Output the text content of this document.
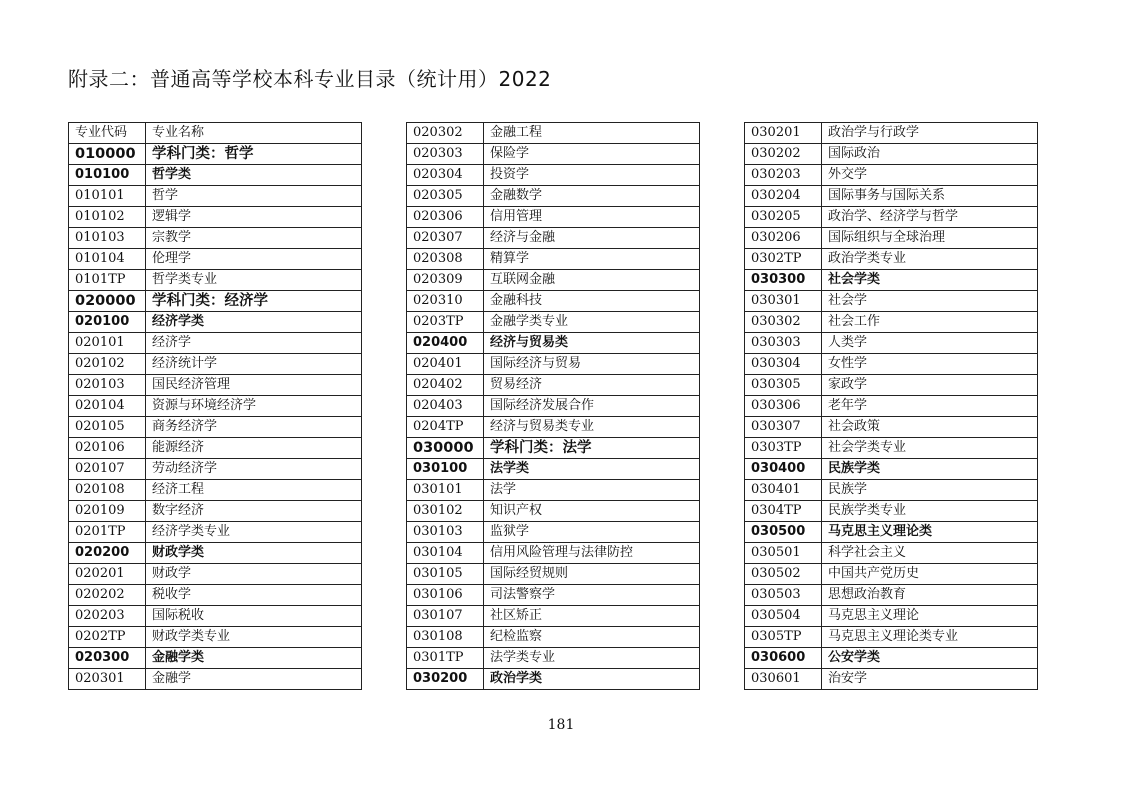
附录二：普通高等学校本科专业目录（统计用）2022
专业代码	专业名称
010000	学科门类：哲学
010100	哲学类
010101	哲学
010102	逻辑学
010103	宗教学
010104	伦理学
0101TP	哲学类专业
020000	学科门类：经济学
020100	经济学类
020101	经济学
020102	经济统计学
020103	国民经济管理
020104	资源与环境经济学
020105	商务经济学
020106	能源经济
020107	劳动经济学
020108	经济工程
020109	数字经济
0201TP	经济学类专业
020200	财政学类
020201	财政学
020202	税收学
020203	国际税收
0202TP	财政学类专业
020300	金融学类
020301	金融学
020302	金融工程
020303	保险学
020304	投资学
020305	金融数学
020306	信用管理
020307	经济与金融
020308	精算学
020309	互联网金融
020310	金融科技
0203TP	金融学类专业
020400	经济与贸易类
020401	国际经济与贸易
020402	贸易经济
020403	国际经济发展合作
0204TP	经济与贸易类专业
030000	学科门类：法学
030100	法学类
030101	法学
030102	知识产权
030103	监狱学
030104	信用风险管理与法律防控
030105	国际经贸规则
030106	司法警察学
030107	社区矫正
030108	纪检监察
0301TP	法学类专业
030200	政治学类
030201	政治学与行政学
030202	国际政治
030203	外交学
030204	国际事务与国际关系
030205	政治学、经济学与哲学
030206	国际组织与全球治理
0302TP	政治学类专业
030300	社会学类
030301	社会学
030302	社会工作
030303	人类学
030304	女性学
030305	家政学
030306	老年学
030307	社会政策
0303TP	社会学类专业
030400	民族学类
030401	民族学
0304TP	民族学类专业
030500	马克思主义理论类
030501	科学社会主义
030502	中国共产党历史
030503	思想政治教育
030504	马克思主义理论
0305TP	马克思主义理论类专业
030600	公安学类
030601	治安学
181
